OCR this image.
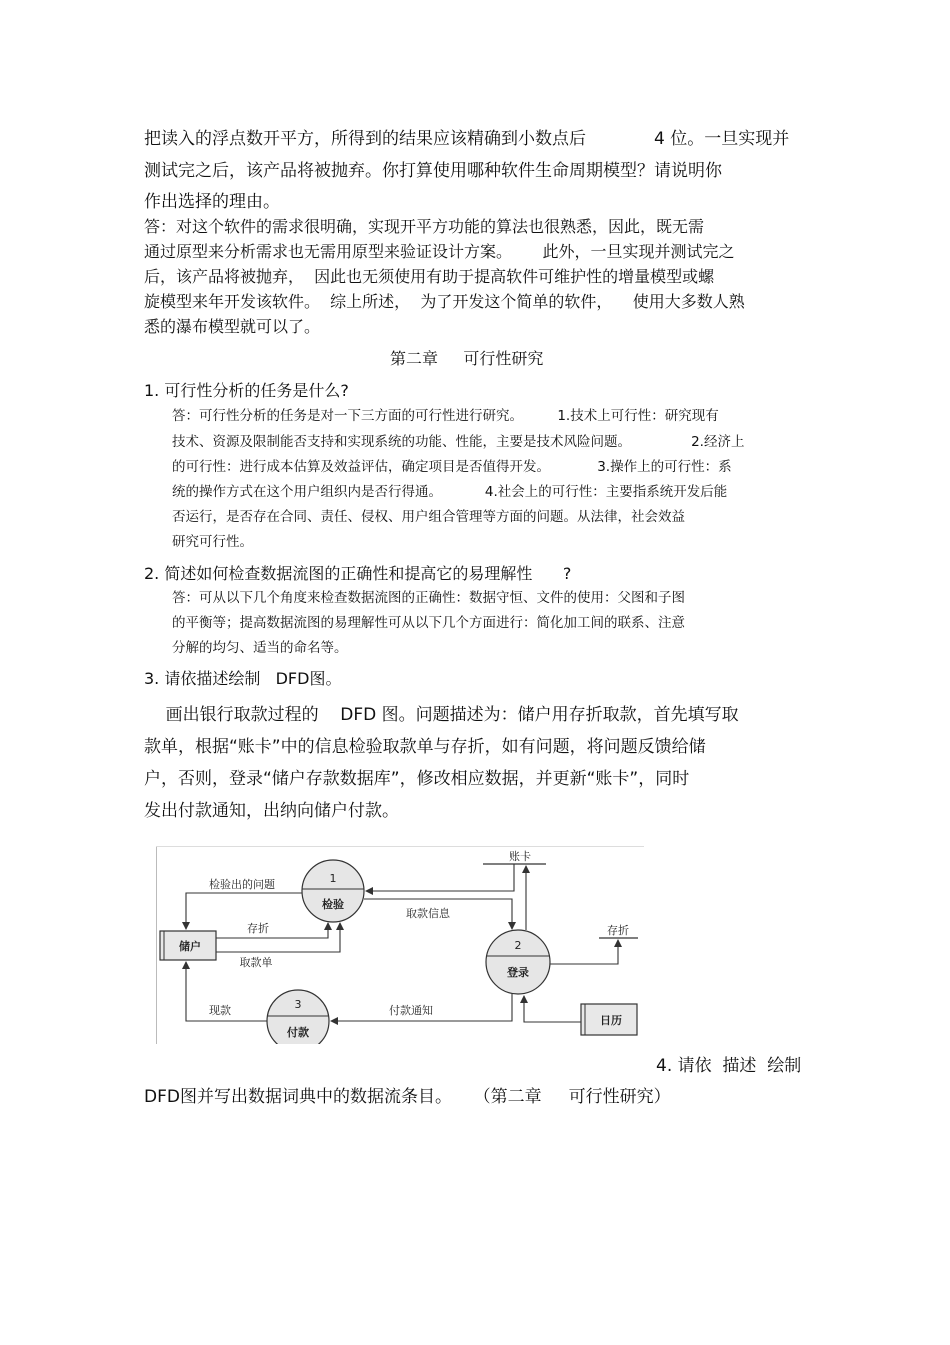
把读入的浮点数开平方，所得到的结果应该精确到小数点后	4 位。一旦实现并
测试完之后，该产品将被抛弃。你打算使用哪种软件生命周期模型？请说明你
作出选择的理由。
答：对这个软件的需求很明确，实现开平方功能的算法也很熟悉，因此，既无需
通过原型来分析需求也无需用原型来验证设计方案。      此外，一旦实现并测试完之
后，该产品将被抛弃，  因此也无须使用有助于提高软件可维护性的增量模型或螺
旋模型来年开发该软件。  综上所述，  为了开发这个简单的软件，    使用大多数人熟
悉的瀑布模型就可以了。
第二章     可行性研究
1. 可行性分析的任务是什么?
答：可行性分析的任务是对一下三方面的可行性进行研究。        1.技术上可行性：研究现有
技术、资源及限制能否支持和实现系统的功能、性能，主要是技术风险问题。              2.经济上
的可行性：进行成本估算及效益评估，确定项目是否值得开发。           3.操作上的可行性：系
统的操作方式在这个用户组织内是否行得通。          4.社会上的可行性：主要指系统开发后能
否运行，是否存在合同、责任、侵权、用户组合管理等方面的问题。从法律，社会效益
研究可行性。
2. 简述如何检查数据流图的正确性和提高它的易理解性      ?
答：可从以下几个角度来检查数据流图的正确性：数据守恒、文件的使用：父图和子图
的平衡等；提高数据流图的易理解性可从以下几个方面进行：简化加工间的联系、注意
分解的均匀、适当的命名等。
3. 请依描述绘制   DFD图。
画出银行取款过程的    DFD 图。问题描述为：储户用存折取款，首先填写取
款单，根据“账卡”中的信息检验取款单与存折，如有问题，将问题反馈给储
户，否则，登录“储户存款数据库”，修改相应数据，并更新“账卡”，同时
发出付款通知，出纳向储户付款。
储户
1
检验
2
登录
3
付款
账卡
存折
日历
检验出的问题
存折
取款单
取款信息
付款通知
现款
4. 请依  描述  绘制
DFD图并写出数据词典中的数据流条目。    （第二章     可行性研究）
